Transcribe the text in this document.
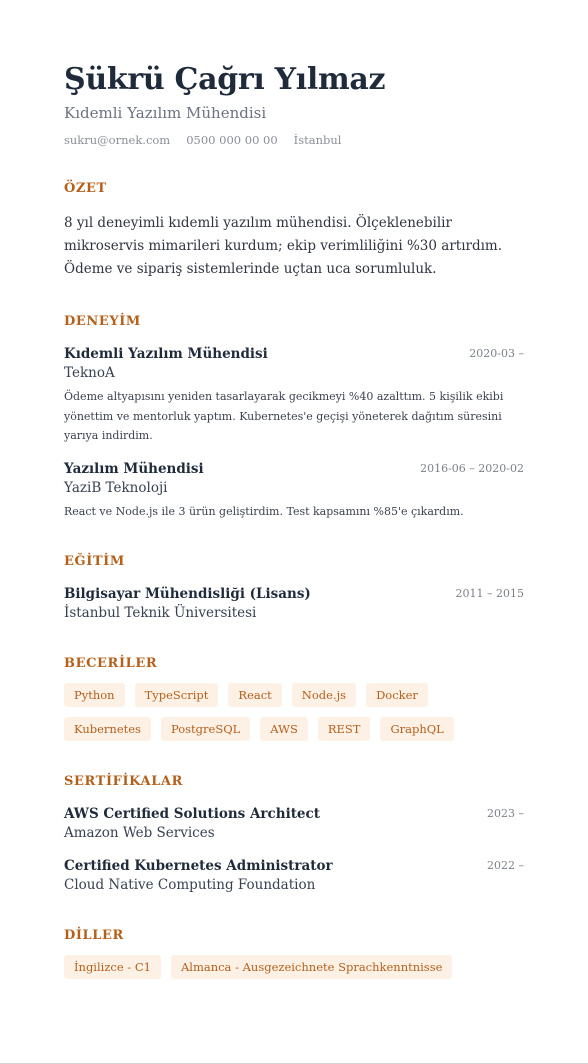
Şükrü Çağrı Yılmaz
Kıdemli Yazılım Mühendisi
sukru@ornek.com 0500 000 00 00 İstanbul
ÖZET
8 yıl deneyimli kıdemli yazılım mühendisi. Ölçeklenebilir mikroservis mimarileri kurdum; ekip verimliliğini %30 artırdım. Ödeme ve sipariş sistemlerinde uçtan uca sorumluluk.
DENEYİM
Kıdemli Yazılım Mühendisi	2020-03 –
TeknoA
Ödeme altyapısını yeniden tasarlayarak gecikmeyi %40 azalttım. 5 kişilik ekibi yönettim ve mentorluk yaptım. Kubernetes'e geçişi yöneterek dağıtım süresini yarıya indirdim.
Yazılım Mühendisi	2016-06 – 2020-02
YaziB Teknoloji
React ve Node.js ile 3 ürün geliştirdim. Test kapsamını %85'e çıkardım.
EĞİTİM
Bilgisayar Mühendisliği (Lisans)	2011 – 2015
İstanbul Teknik Üniversitesi
BECERİLER
Python	TypeScript	React	Node.js	Docker
Kubernetes	PostgreSQL	AWS	REST	GraphQL
SERTİFİKALAR
AWS Certified Solutions Architect	2023 –
Amazon Web Services
Certified Kubernetes Administrator	2022 –
Cloud Native Computing Foundation
DİLLER
İngilizce - C1	Almanca - Ausgezeichnete Sprachkenntnisse
